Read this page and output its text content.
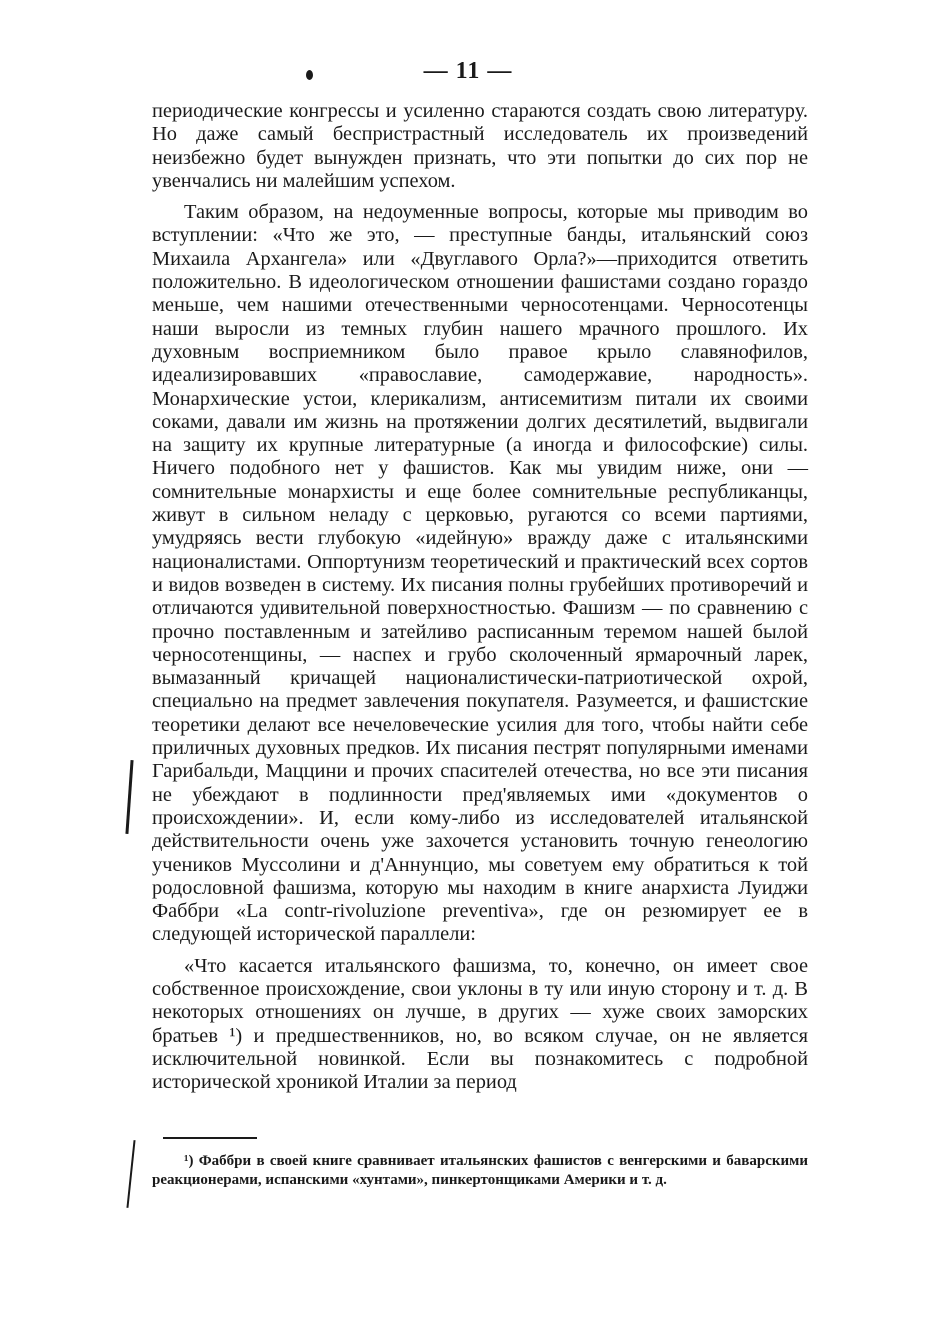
— 11 —

периодические конгрессы и усиленно стараются создать свою литературу. Но даже самый беспристрастный исследователь их произведений неизбежно будет вынужден признать, что эти попытки до сих пор не увенчались ни малейшим успехом.

Таким образом, на недоуменные вопросы, которые мы приводим во вступлении: «Что же это, — преступные банды, итальянский союз Михаила Архангела» или «Двуглавого Орла?»—приходится ответить положительно. В идеологическом отношении фашистами создано гораздо меньше, чем нашими отечественными черносотенцами. Черносотенцы наши выросли из темных глубин нашего мрачного прошлого. Их духовным восприемником было правое крыло славянофилов, идеализировавших «православие, самодержавие, народность». Монархические устои, клерикализм, антисемитизм питали их своими соками, давали им жизнь на протяжении долгих десятилетий, выдвигали на защиту их крупные литературные (а иногда и философские) силы. Ничего подобного нет у фашистов. Как мы увидим ниже, они — сомнительные монархисты и еще более сомнительные республиканцы, живут в сильном неладу с церковью, ругаются со всеми партиями, умудряясь вести глубокую «идейную» вражду даже с итальянскими националистами. Оппортунизм теоретический и практический всех сортов и видов возведен в систему. Их писания полны грубейших противоречий и отличаются удивительной поверхностностью. Фашизм — по сравнению с прочно поставленным и затейливо расписанным теремом нашей былой черносотенщины, — наспех и грубо сколоченный ярмарочный ларек, вымазанный кричащей националистически-патриотической охрой, специально на предмет завлечения покупателя. Разумеется, и фашистские теоретики делают все нечеловеческие усилия для того, чтобы найти себе приличных духовных предков. Их писания пестрят популярными именами Гарибальди, Маццини и прочих спасителей отечества, но все эти писания не убеждают в подлинности пред'являемых ими «документов о происхождении». И, если кому-либо из исследователей итальянской действительности очень уже захочется установить точную генеологию учеников Муссолини и д'Аннунцио, мы советуем ему обратиться к той родословной фашизма, которую мы находим в книге анархиста Луиджи Фаббри «La contr-rivoluzione preventiva», где он резюмирует ее в следующей исторической параллели:

«Что касается итальянского фашизма, то, конечно, он имеет свое собственное происхождение, свои уклоны в ту или иную сторону и т. д. В некоторых отношениях он лучше, в других — хуже своих заморских братьев ¹) и предшественников, но, во всяком случае, он не является исключительной новинкой. Если вы познакомитесь с подробной исторической хроникой Италии за период

¹) Фаббри в своей книге сравнивает итальянских фашистов с венгерскими и баварскими реакционерами, испанскими «хунтами», пинкертонщиками Америки и т. д.
